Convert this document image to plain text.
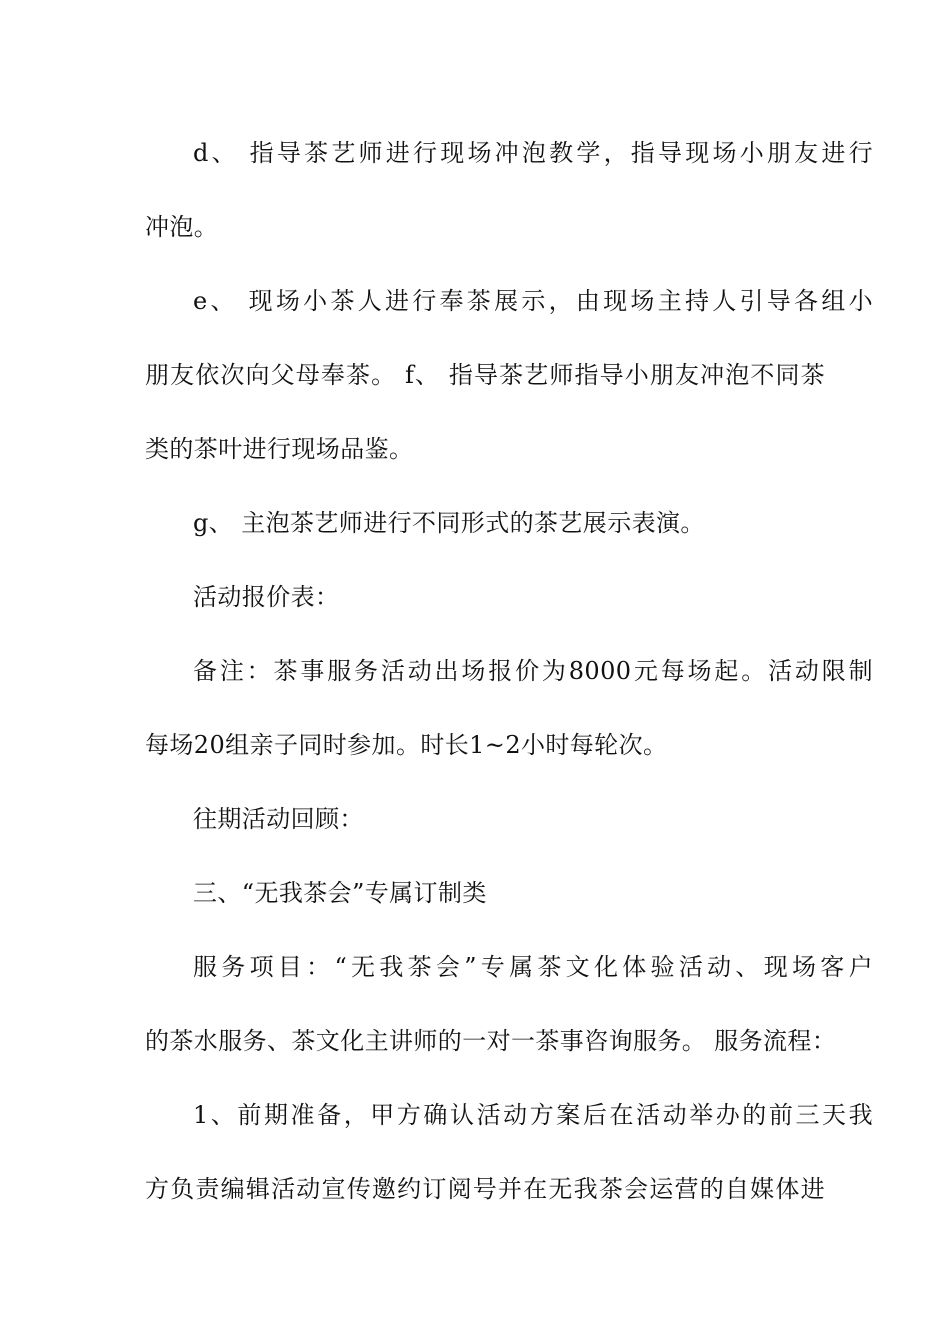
d、 指导茶艺师进行现场冲泡教学，指导现场小朋友进行
冲泡。
e、 现场小茶人进行奉茶展示，由现场主持人引导各组小
朋友依次向父母奉茶。 f、 指导茶艺师指导小朋友冲泡不同茶
类的茶叶进行现场品鉴。
g、 主泡茶艺师进行不同形式的茶艺展示表演。
活动报价表：
备注：茶事服务活动出场报价为8000元每场起。活动限制
每场20组亲子同时参加。时长1~2小时每轮次。
往期活动回顾：
三、“无我茶会”专属订制类
服务项目：“无我茶会”专属茶文化体验活动、现场客户
的茶水服务、茶文化主讲师的一对一茶事咨询服务。 服务流程：
1、前期准备，甲方确认活动方案后在活动举办的前三天我
方负责编辑活动宣传邀约订阅号并在无我茶会运营的自媒体进
